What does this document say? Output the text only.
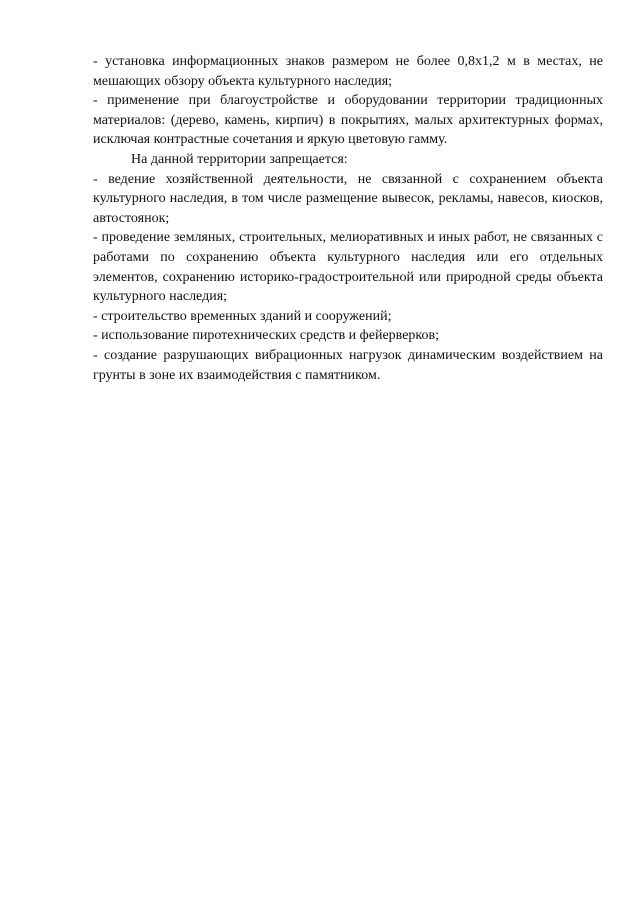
- установка информационных знаков размером не более 0,8х1,2 м в местах, не мешающих обзору объекта культурного наследия;

- применение при благоустройстве и оборудовании территории традиционных материалов: (дерево, камень, кирпич) в покрытиях, малых архитектурных формах, исключая контрастные сочетания и яркую цветовую гамму.

На данной территории запрещается:

- ведение хозяйственной деятельности, не связанной с сохранением объекта культурного наследия, в том числе размещение вывесок, рекламы, навесов, киосков, автостоянок;

- проведение земляных, строительных, мелиоративных и иных работ, не связанных с работами по сохранению объекта культурного наследия или его отдельных элементов, сохранению историко-градостроительной или природной среды объекта культурного наследия;

- строительство временных зданий и сооружений;

- использование пиротехнических средств и фейерверков;

- создание разрушающих вибрационных нагрузок динамическим воздействием на грунты в зоне их взаимодействия с памятником.
